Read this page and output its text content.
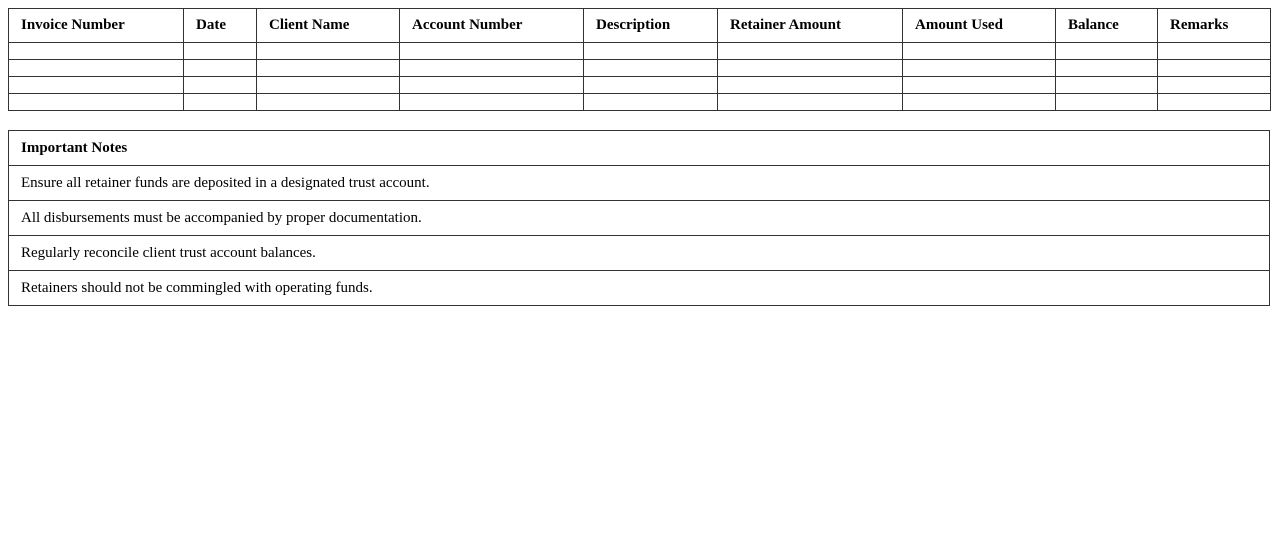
Invoice Number	Date	Client Name	Account Number	Description	Retainer Amount	Amount Used	Balance	Remarks

Important Notes
Ensure all retainer funds are deposited in a designated trust account.
All disbursements must be accompanied by proper documentation.
Regularly reconcile client trust account balances.
Retainers should not be commingled with operating funds.
